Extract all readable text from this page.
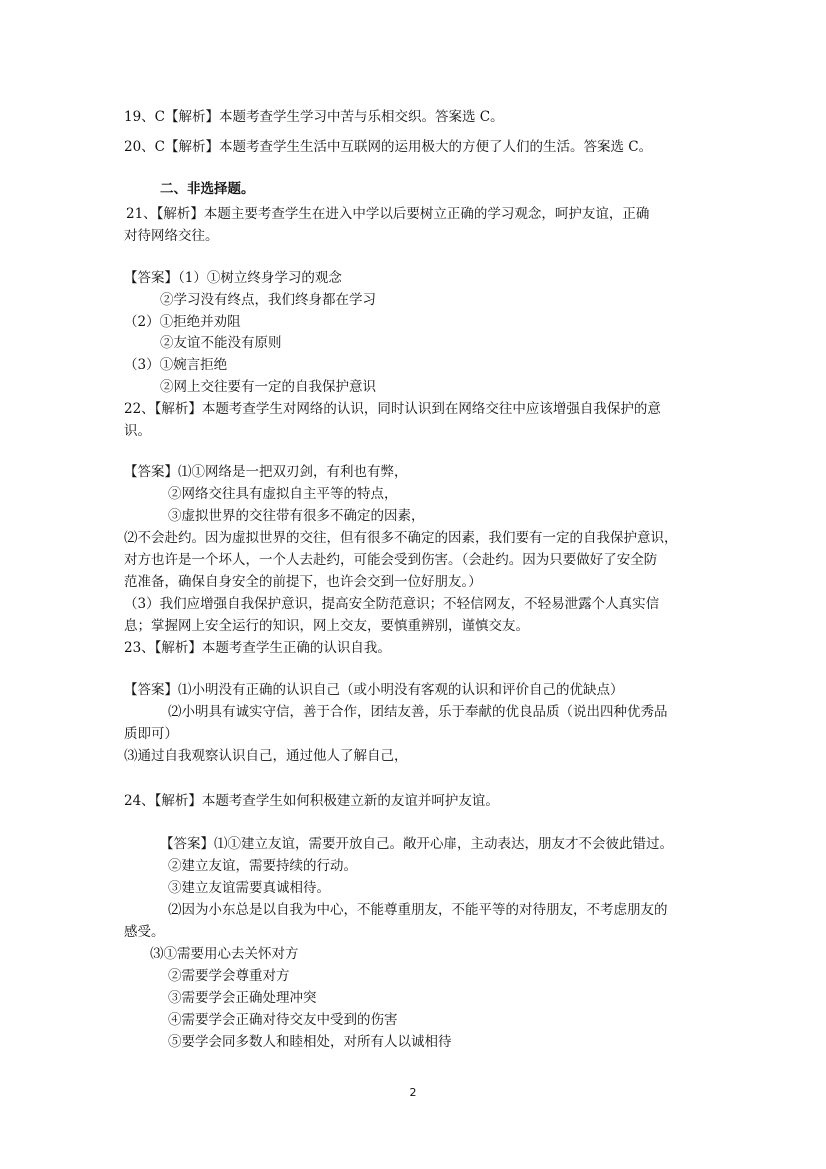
19、C【解析】本题考查学生学习中苦与乐相交织。答案选 C。
20、C【解析】本题考查学生生活中互联网的运用极大的方便了人们的生活。答案选 C。
二、非选择题。
21、【解析】本题主要考查学生在进入中学以后要树立正确的学习观念，呵护友谊，正确
对待网络交往。
【答案】（1）①树立终身学习的观念
②学习没有终点，我们终身都在学习
（2）①拒绝并劝阻
②友谊不能没有原则
（3）①婉言拒绝
②网上交往要有一定的自我保护意识
22、【解析】本题考查学生对网络的认识，同时认识到在网络交往中应该增强自我保护的意
识。
【答案】⑴①网络是一把双刃剑，有利也有弊，
②网络交往具有虚拟自主平等的特点，
③虚拟世界的交往带有很多不确定的因素，
⑵不会赴约。因为虚拟世界的交往，但有很多不确定的因素，我们要有一定的自我保护意识，
对方也许是一个坏人，一个人去赴约，可能会受到伤害。（会赴约。因为只要做好了安全防
范准备，确保自身安全的前提下，也许会交到一位好朋友。）
（3）我们应增强自我保护意识，提高安全防范意识；不轻信网友，不轻易泄露个人真实信
息；掌握网上安全运行的知识，网上交友，要慎重辨别，谨慎交友。
23、【解析】本题考查学生正确的认识自我。
【答案】⑴小明没有正确的认识自己（或小明没有客观的认识和评价自己的优缺点）
⑵小明具有诚实守信，善于合作，团结友善，乐于奉献的优良品质（说出四种优秀品
质即可）
⑶通过自我观察认识自己，通过他人了解自己，
24、【解析】本题考查学生如何积极建立新的友谊并呵护友谊。
【答案】⑴①建立友谊，需要开放自己。敞开心扉，主动表达，朋友才不会彼此错过。
②建立友谊，需要持续的行动。
③建立友谊需要真诚相待。
⑵因为小东总是以自我为中心，不能尊重朋友，不能平等的对待朋友，不考虑朋友的
感受。
⑶①需要用心去关怀对方
②需要学会尊重对方
③需要学会正确处理冲突
④需要学会正确对待交友中受到的伤害
⑤要学会同多数人和睦相处，对所有人以诚相待
2
